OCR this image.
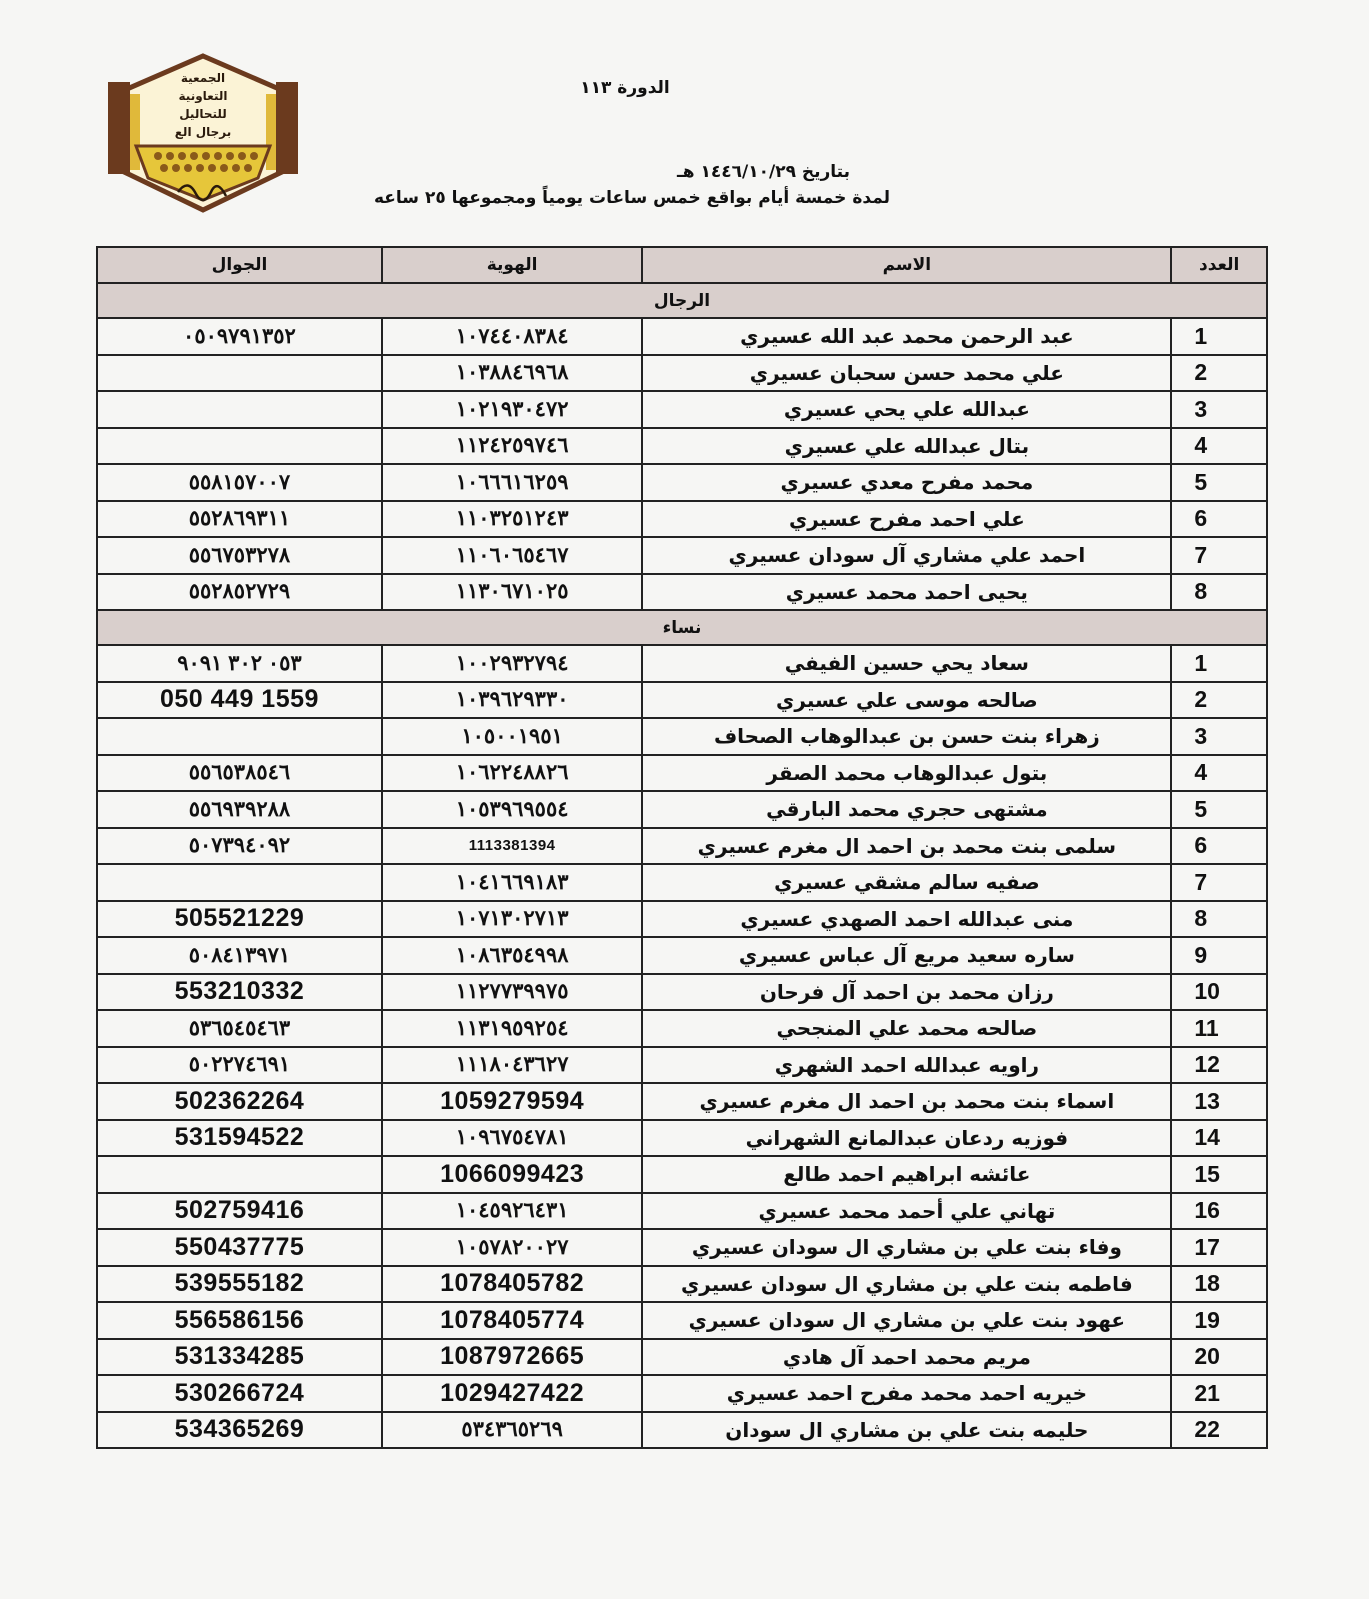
الجمعية
التعاونية
للتحاليل
برجال الع
الدورة ١١٣
بتاريخ ١٤٤٦/١٠/٢٩ هـ
لمدة خمسة أيام بواقع خمس ساعات يومياً ومجموعها ٢٥ ساعه
العدد	الاسم	الهوية	الجوال
الرجال			
1	عبد الرحمن محمد عبد الله عسيري	١٠٧٤٤٠٨٣٨٤	٠٥٠٩٧٩١٣٥٢
2	علي محمد حسن سحبان عسيري	١٠٣٨٨٤٦٩٦٨	
3	عبدالله علي يحي عسيري	١٠٢١٩٣٠٤٧٢	
4	بتال عبدالله علي عسيري	١١٢٤٢٥٩٧٤٦	
5	محمد مفرح معدي عسيري	١٠٦٦٦١٦٢٥٩	٥٥٨١٥٧٠٠٧
6	علي احمد مفرح عسيري	١١٠٣٢٥١٢٤٣	٥٥٢٨٦٩٣١١
7	احمد علي مشاري آل سودان عسيري	١١٠٦٠٦٥٤٦٧	٥٥٦٧٥٣٢٧٨
8	يحيى احمد محمد عسيري	١١٣٠٦٧١٠٢٥	٥٥٢٨٥٢٧٢٩
نساء			
1	سعاد يحي حسين الفيفي	١٠٠٢٩٣٢٧٩٤	٠٥٣ ٣٠٢ ٩٠٩١
2	صالحه موسى علي عسيري	١٠٣٩٦٢٩٣٣٠	050 449 1559
3	زهراء بنت حسن بن عبدالوهاب الصحاف	١٠٥٠٠١٩٥١	
4	بتول عبدالوهاب محمد الصقر	١٠٦٢٢٤٨٨٢٦	٥٥٦٥٣٨٥٤٦
5	مشتهى حجري محمد البارقي	١٠٥٣٩٦٩٥٥٤	٥٥٦٩٣٩٢٨٨
6	سلمى بنت محمد بن احمد ال مغرم عسيري	1113381394	٥٠٧٣٩٤٠٩٢
7	صفيه سالم مشقي عسيري	١٠٤١٦٦٩١٨٣	
8	منى عبدالله احمد الصهدي عسيري	١٠٧١٣٠٢٧١٣	505521229
9	ساره سعيد مريع آل عباس عسيري	١٠٨٦٣٥٤٩٩٨	٥٠٨٤١٣٩٧١
10	رزان محمد بن احمد آل فرحان	١١٢٧٧٣٩٩٧٥	553210332
11	صالحه محمد علي المنجحي	١١٣١٩٥٩٢٥٤	٥٣٦٥٤٥٤٦٣
12	راويه عبدالله احمد الشهري	١١١٨٠٤٣٦٢٧	٥٠٢٢٧٤٦٩١
13	اسماء بنت محمد بن احمد ال مغرم عسيري	1059279594	502362264
14	فوزيه ردعان عبدالمانع الشهراني	١٠٩٦٧٥٤٧٨١	531594522
15	عائشه ابراهيم احمد طالع	1066099423	
16	تهاني علي أحمد محمد عسيري	١٠٤٥٩٢٦٤٣١	502759416
17	وفاء بنت علي بن مشاري ال سودان عسيري	١٠٥٧٨٢٠٠٢٧	550437775
18	فاطمه بنت علي بن مشاري ال سودان عسيري	1078405782	539555182
19	عهود بنت علي بن مشاري ال سودان عسيري	1078405774	556586156
20	مريم محمد احمد آل هادي	1087972665	531334285
21	خيريه احمد محمد مفرح احمد عسيري	1029427422	530266724
22	حليمه بنت علي بن مشاري ال سودان	٥٣٤٣٦٥٢٦٩	534365269
